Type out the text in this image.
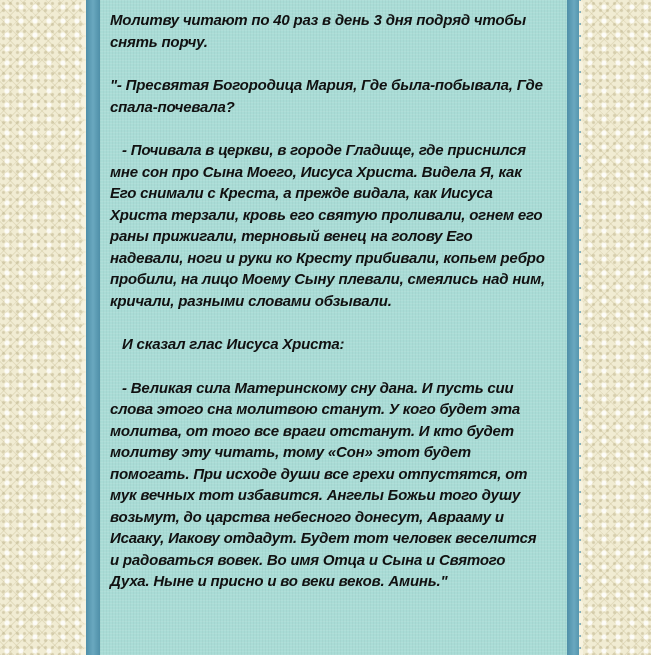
Молитву читают по 40 раз в день 3 дня подряд чтобы снять порчу.

"- Пресвятая Богородица Мария, Где была-побывала, Где спала-почевала?

- Почивала в церкви, в городе Гладище, где приснился мне сон про Сына Моего, Иисуса Христа. Видела Я, как Его снимали с Креста, а прежде видала, как Иисуса Христа терзали, кровь его святую проливали, огнем его раны прижигали, терновый венец на голову Его надевали, ноги и руки ко Кресту прибивали, копьем ребро пробили, на лицо Моему Сыну плевали, смеялись над ним, кричали, разными словами обзывали.

И сказал глас Иисуса Христа:

- Великая сила Материнскому сну дана. И пусть сии слова этого сна молитвою станут. У кого будет эта молитва, от того все враги отстанут. И кто будет молитву эту читать, тому «Сон» этот будет помогать. При исходе души все грехи отпустятся, от мук вечных тот избавится. Ангелы Божьи того душу возьмут, до царства небесного донесут, Аврааму и Исааку, Иакову отдадут. Будет тот человек веселится и радоваться вовек. Во имя Отца и Сына и Святого Духа. Ныне и присно и во веки веков. Аминь."
